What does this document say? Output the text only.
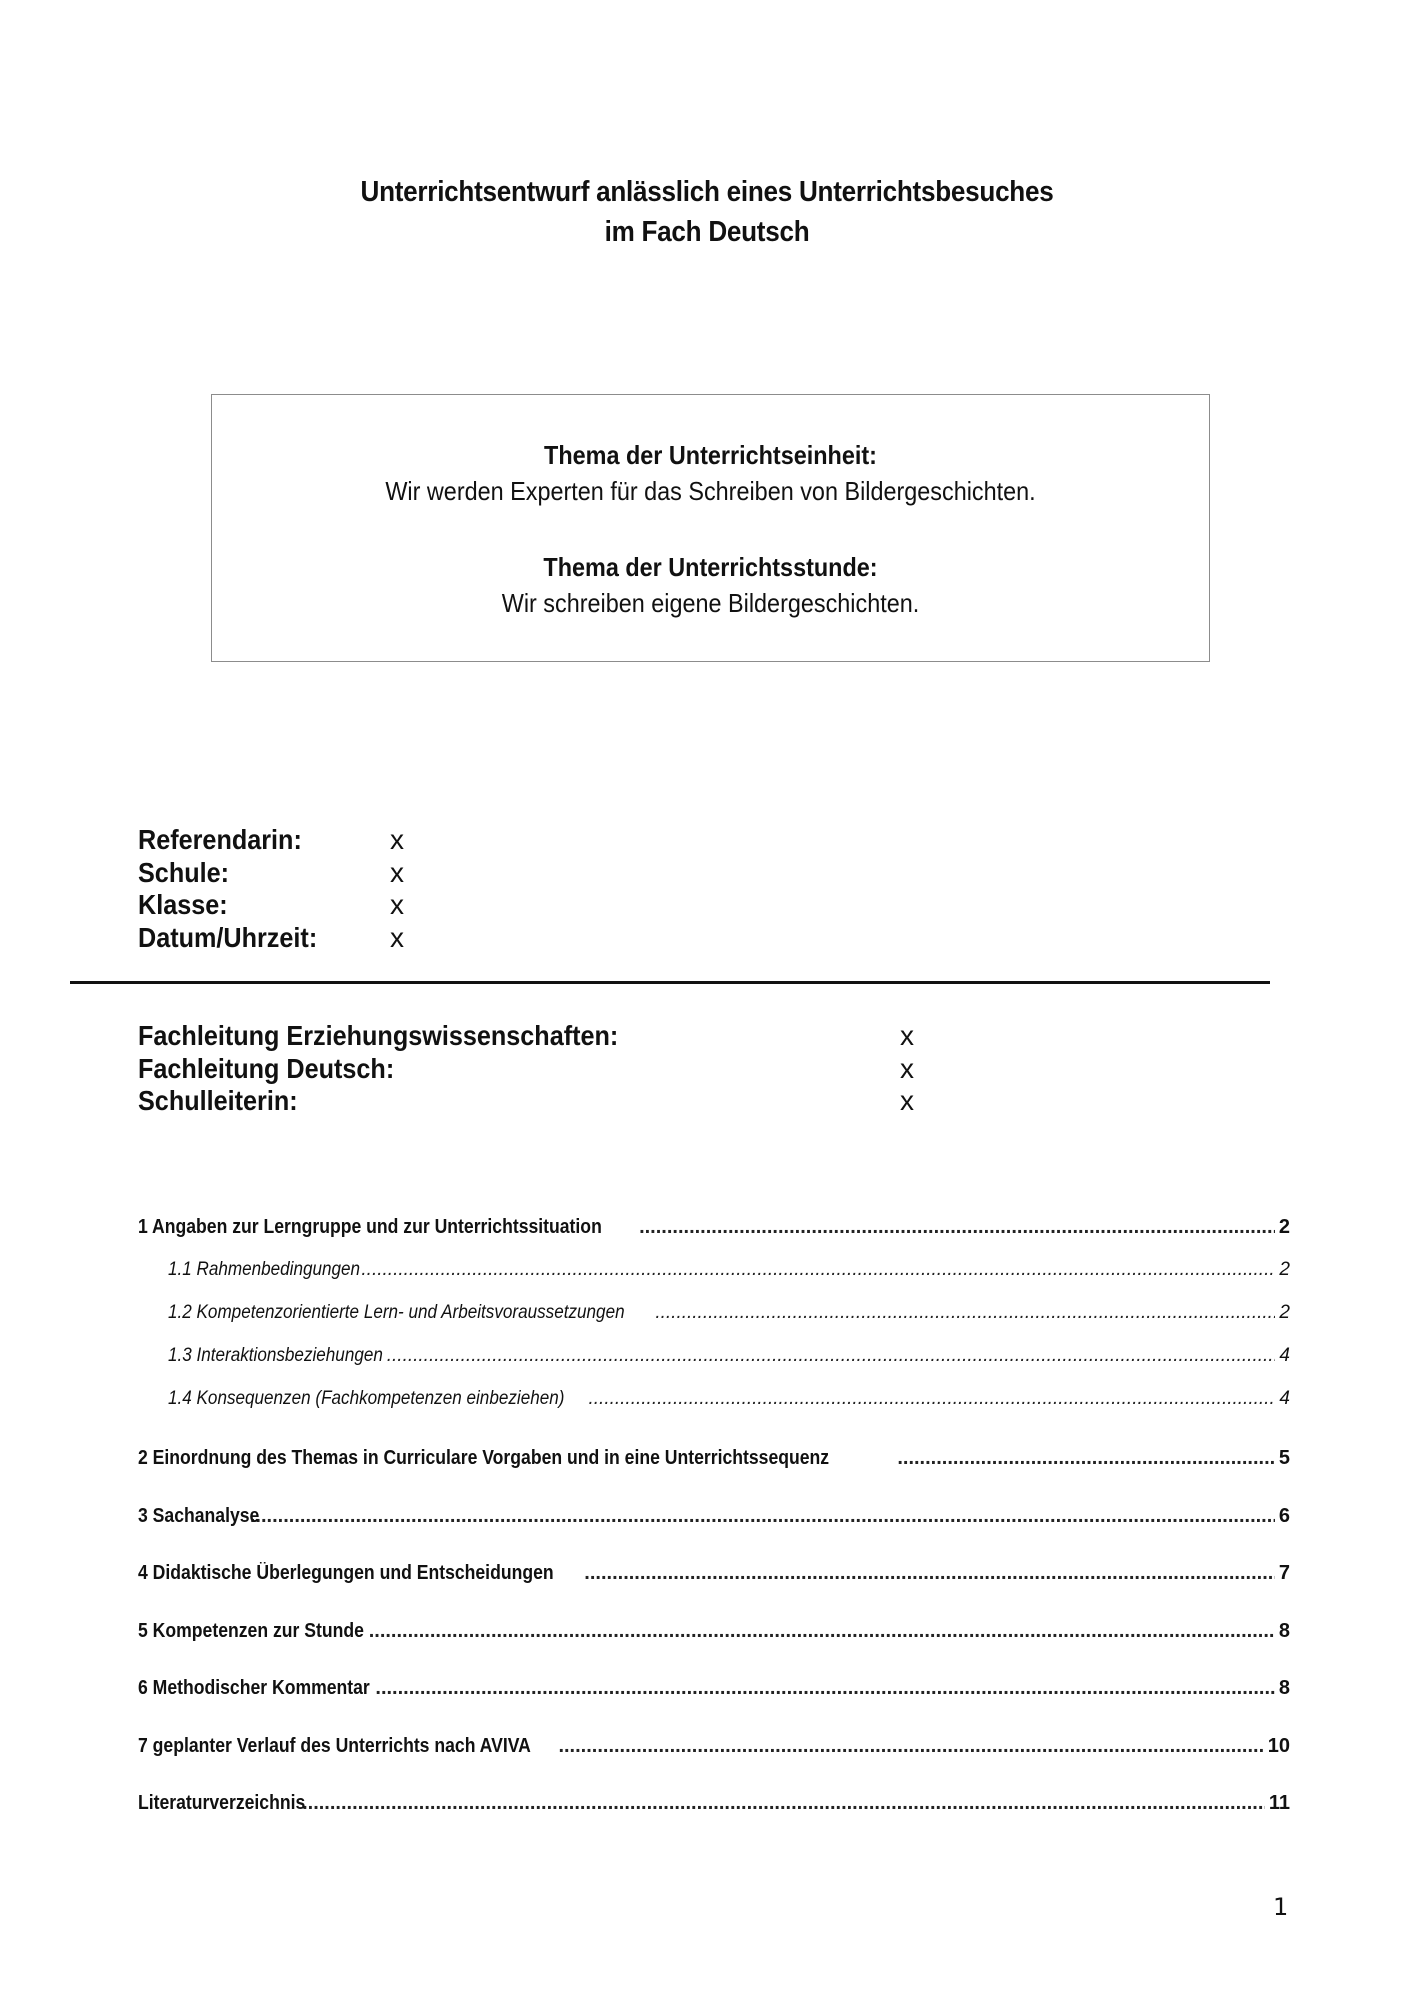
Unterrichtsentwurf anlässlich eines Unterrichtsbesuches
im Fach Deutsch
Thema der Unterrichtseinheit:
Wir werden Experten für das Schreiben von Bildergeschichten.
Thema der Unterrichtsstunde:
Wir schreiben eigene Bildergeschichten.
Referendarin:	x
Schule:	x
Klasse:	x
Datum/Uhrzeit:	x
Fachleitung Erziehungswissenschaften:	x
Fachleitung Deutsch:	x
Schulleiterin:	x
1 Angaben zur Lerngruppe und zur Unterrichtssituation .....	2
1.1 Rahmenbedingungen .....	2
1.2 Kompetenzorientierte Lern- und Arbeitsvoraussetzungen .....	2
1.3 Interaktionsbeziehungen .....	4
1.4 Konsequenzen (Fachkompetenzen einbeziehen) .....	4
2 Einordnung des Themas in Curriculare Vorgaben und in eine Unterrichtssequenz .....	5
3 Sachanalyse .....	6
4 Didaktische Überlegungen und Entscheidungen .....	7
5 Kompetenzen zur Stunde .....	8
6 Methodischer Kommentar .....	8
7 geplanter Verlauf des Unterrichts nach AVIVA .....	10
Literaturverzeichnis .....	11
1
